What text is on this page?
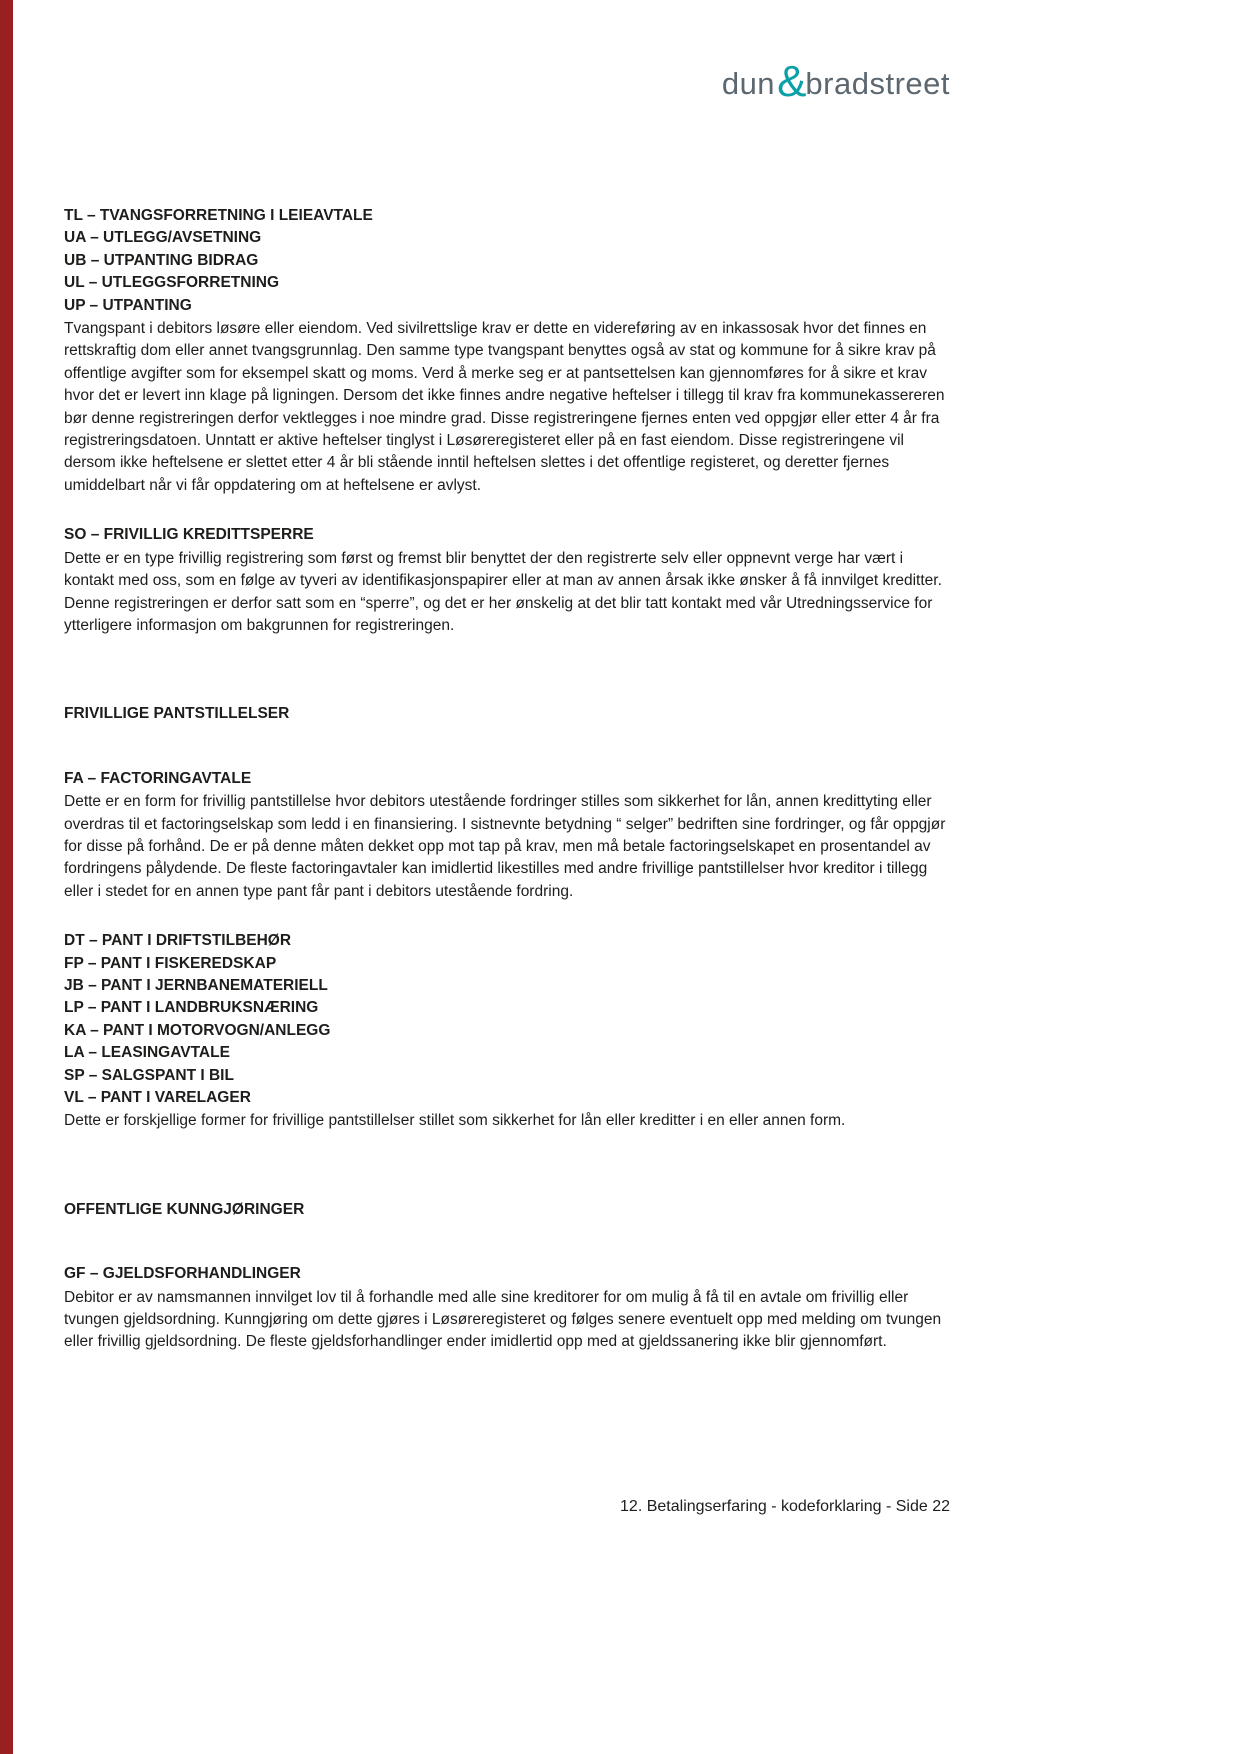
dun & bradstreet
TL – TVANGSFORRETNING I LEIEAVTALE
UA – UTLEGG/AVSETNING
UB – UTPANTING BIDRAG
UL – UTLEGGSFORRETNING
UP – UTPANTING
Tvangspant i debitors løsøre eller eiendom. Ved sivilrettslige krav er dette en videreføring av en inkassosak hvor det finnes en rettskraftig dom eller annet tvangsgrunnlag. Den samme type tvangspant benyttes også av stat og kommune for å sikre krav på offentlige avgifter som for eksempel skatt og moms. Verd å merke seg er at pantsettelsen kan gjennomføres for å sikre et krav hvor det er levert inn klage på ligningen. Dersom det ikke finnes andre negative heftelser i tillegg til krav fra kommunekassereren bør denne registreringen derfor vektlegges i noe mindre grad. Disse registreringene fjernes enten ved oppgjør eller etter 4 år fra registreringsdatoen. Unntatt er aktive heftelser tinglyst i Løsøreregisteret eller på en fast eiendom. Disse registreringene vil dersom ikke heftelsene er slettet etter 4 år bli stående inntil heftelsen slettes i det offentlige registeret, og deretter fjernes umiddelbart når vi får oppdatering om at heftelsene er avlyst.
SO – FRIVILLIG KREDITTSPERRE
Dette er en type frivillig registrering som først og fremst blir benyttet der den registrerte selv eller oppnevnt verge har vært i kontakt med oss, som en følge av tyveri av identifikasjonspapirer eller at man av annen årsak ikke ønsker å få innvilget kreditter. Denne registreringen er derfor satt som en “sperre”, og det er her ønskelig at det blir tatt kontakt med vår Utredningsservice for ytterligere informasjon om bakgrunnen for registreringen.
FRIVILLIGE PANTSTILLELSER
FA – FACTORINGAVTALE
Dette er en form for frivillig pantstillelse hvor debitors utestående fordringer stilles som sikkerhet for lån, annen kredittyting eller overdras til et factoringselskap som ledd i en finansiering. I sistnevnte betydning “ selger” bedriften sine fordringer, og får oppgjør for disse på forhånd. De er på denne måten dekket opp mot tap på krav, men må betale factoringselskapet en prosentandel av fordringens pålydende. De fleste factoringavtaler kan imidlertid likestilles med andre frivillige pantstillelser hvor kreditor i tillegg eller i stedet for en annen type pant får pant i debitors utestående fordring.
DT – PANT I DRIFTSTILBEHØR
FP – PANT I FISKEREDSKAP
JB – PANT I JERNBANEMATERIELL
LP – PANT I LANDBRUKSNÆRING
KA – PANT I MOTORVOGN/ANLEGG
LA – LEASINGAVTALE
SP – SALGSPANT I BIL
VL – PANT I VARELAGER
Dette er forskjellige former for frivillige pantstillelser stillet som sikkerhet for lån eller kreditter i en eller annen form.
OFFENTLIGE KUNNGJØRINGER
GF – GJELDSFORHANDLINGER
Debitor er av namsmannen innvilget lov til å forhandle med alle sine kreditorer for om mulig å få til en avtale om frivillig eller tvungen gjeldsordning. Kunngjøring om dette gjøres i Løsøreregisteret og følges senere eventuelt opp med melding om tvungen eller frivillig gjeldsordning. De fleste gjeldsforhandlinger ender imidlertid opp med at gjeldssanering ikke blir gjennomført.
12. Betalingserfaring - kodeforklaring - Side 22
